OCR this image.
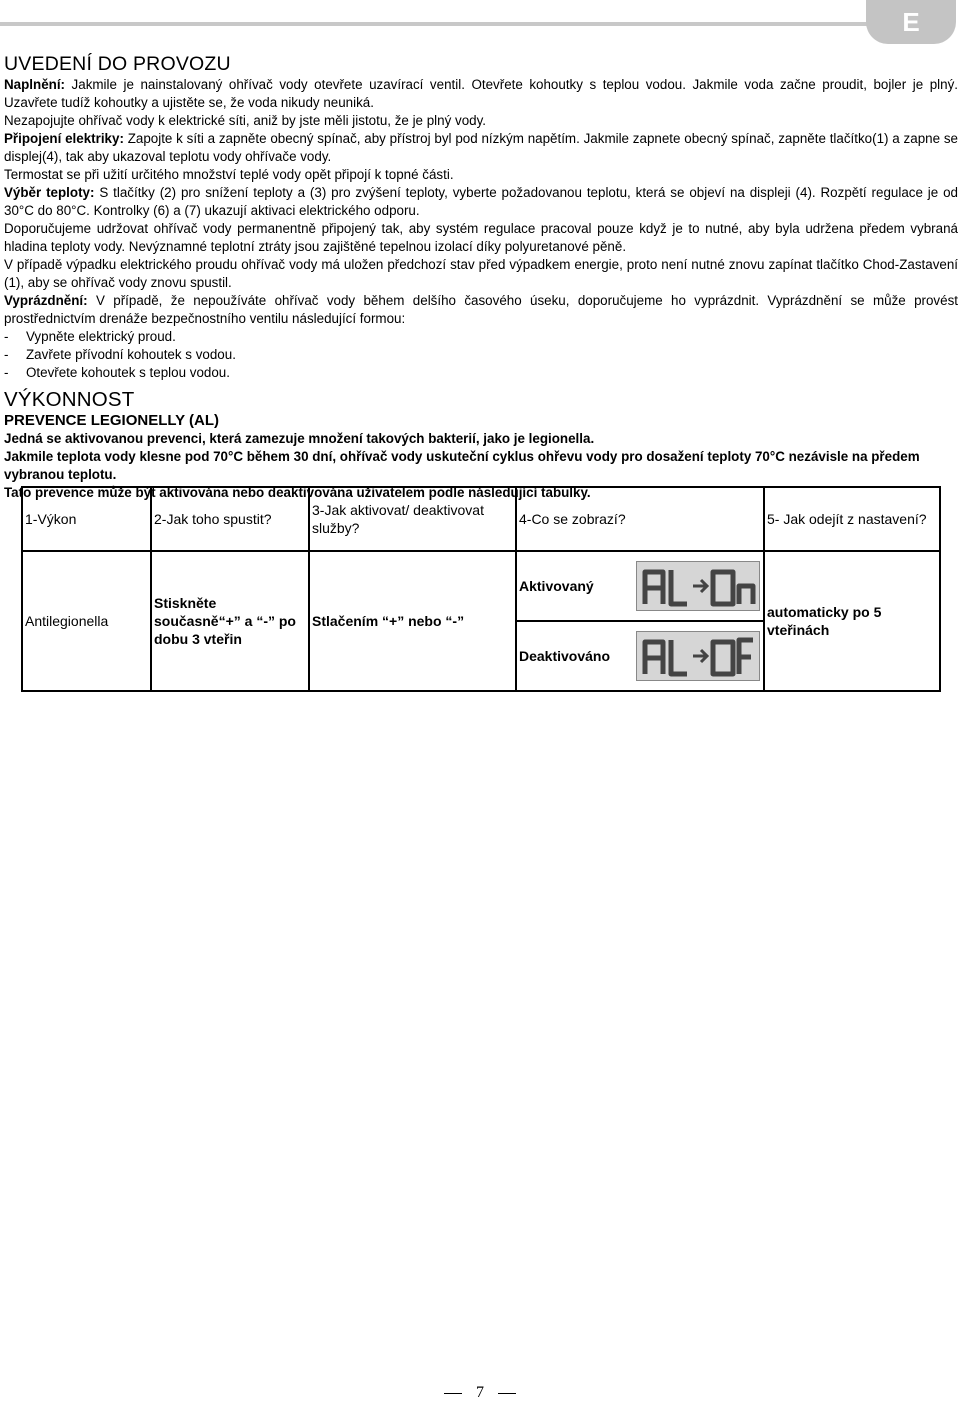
E
UVEDENÍ DO PROVOZU

Naplnění: Jakmile je nainstalovaný ohřívač vody otevřete uzavírací ventil. Otevřete kohoutky s teplou vodou. Jakmile voda začne proudit, bojler je plný. Uzavřete tudíž kohoutky a ujistěte se, že voda nikudy neuniká.

Nezapojujte ohřívač vody k elektrické síti, aniž by jste měli jistotu, že je plný vody.

Připojení elektriky: Zapojte k síti a zapněte obecný spínač, aby přístroj byl pod nízkým napětím. Jakmile zapnete obecný spínač, zapněte tlačítko(1) a zapne se displej(4), tak aby ukazoval teplotu vody ohřívače vody.

Termostat se při užití určitého množství teplé vody opět připojí k topné části.

Výběr teploty: S tlačítky (2) pro snížení teploty a (3) pro zvýšení teploty, vyberte požadovanou teplotu, která se objeví na displeji (4). Rozpětí regulace je od 30°C do 80°C. Kontrolky (6) a (7) ukazují aktivaci elektrického odporu.

Doporučujeme udržovat ohřívač vody permanentně připojený tak, aby systém regulace pracoval pouze když je to nutné, aby byla udržena předem vybraná hladina teploty vody. Nevýznamné teplotní ztráty jsou zajištěné tepelnou izolací díky polyuretanové pěně.

V případě výpadku elektrického proudu ohřívač vody má uložen předchozí stav před výpadkem energie, proto není nutné znovu zapínat tlačítko Chod-Zastavení (1), aby se ohřívač vody znovu spustil.

Vyprázdnění: V případě, že nepoužíváte ohřívač vody během delšího časového úseku, doporučujeme ho vyprázdnit. Vyprázdnění se může provést prostřednictvím drenáže bezpečnostního ventilu následující formou:

-	Vypněte elektrický proud.
-	Zavřete přívodní kohoutek s vodou.
-	Otevřete kohoutek s teplou vodou.
VÝKONNOST
PREVENCE LEGIONELLY (AL)

Jedná se aktivovanou prevenci, která zamezuje množení takových bakterií, jako je legionella.

Jakmile teplota vody klesne pod 70°C během 30 dní, ohřívač vody uskuteční cyklus ohřevu vody pro dosažení teploty 70°C nezávisle na předem vybranou teplotu.

Tato prevence může být aktivována nebo deaktivována uživatelem podle následující tabulky.

1-Výkon	2-Jak toho spustit?	3-Jak aktivovat/ deaktivovat služby?	4-Co se zobrazí?	5- Jak odejít z nastavení?
Antilegionella	Stiskněte současně“+” a “-” po dobu 3 vteřin	Stlačením “+” nebo “-”	Aktivovaný	automaticky po 5 vteřinách

			Deaktivováno	
7
